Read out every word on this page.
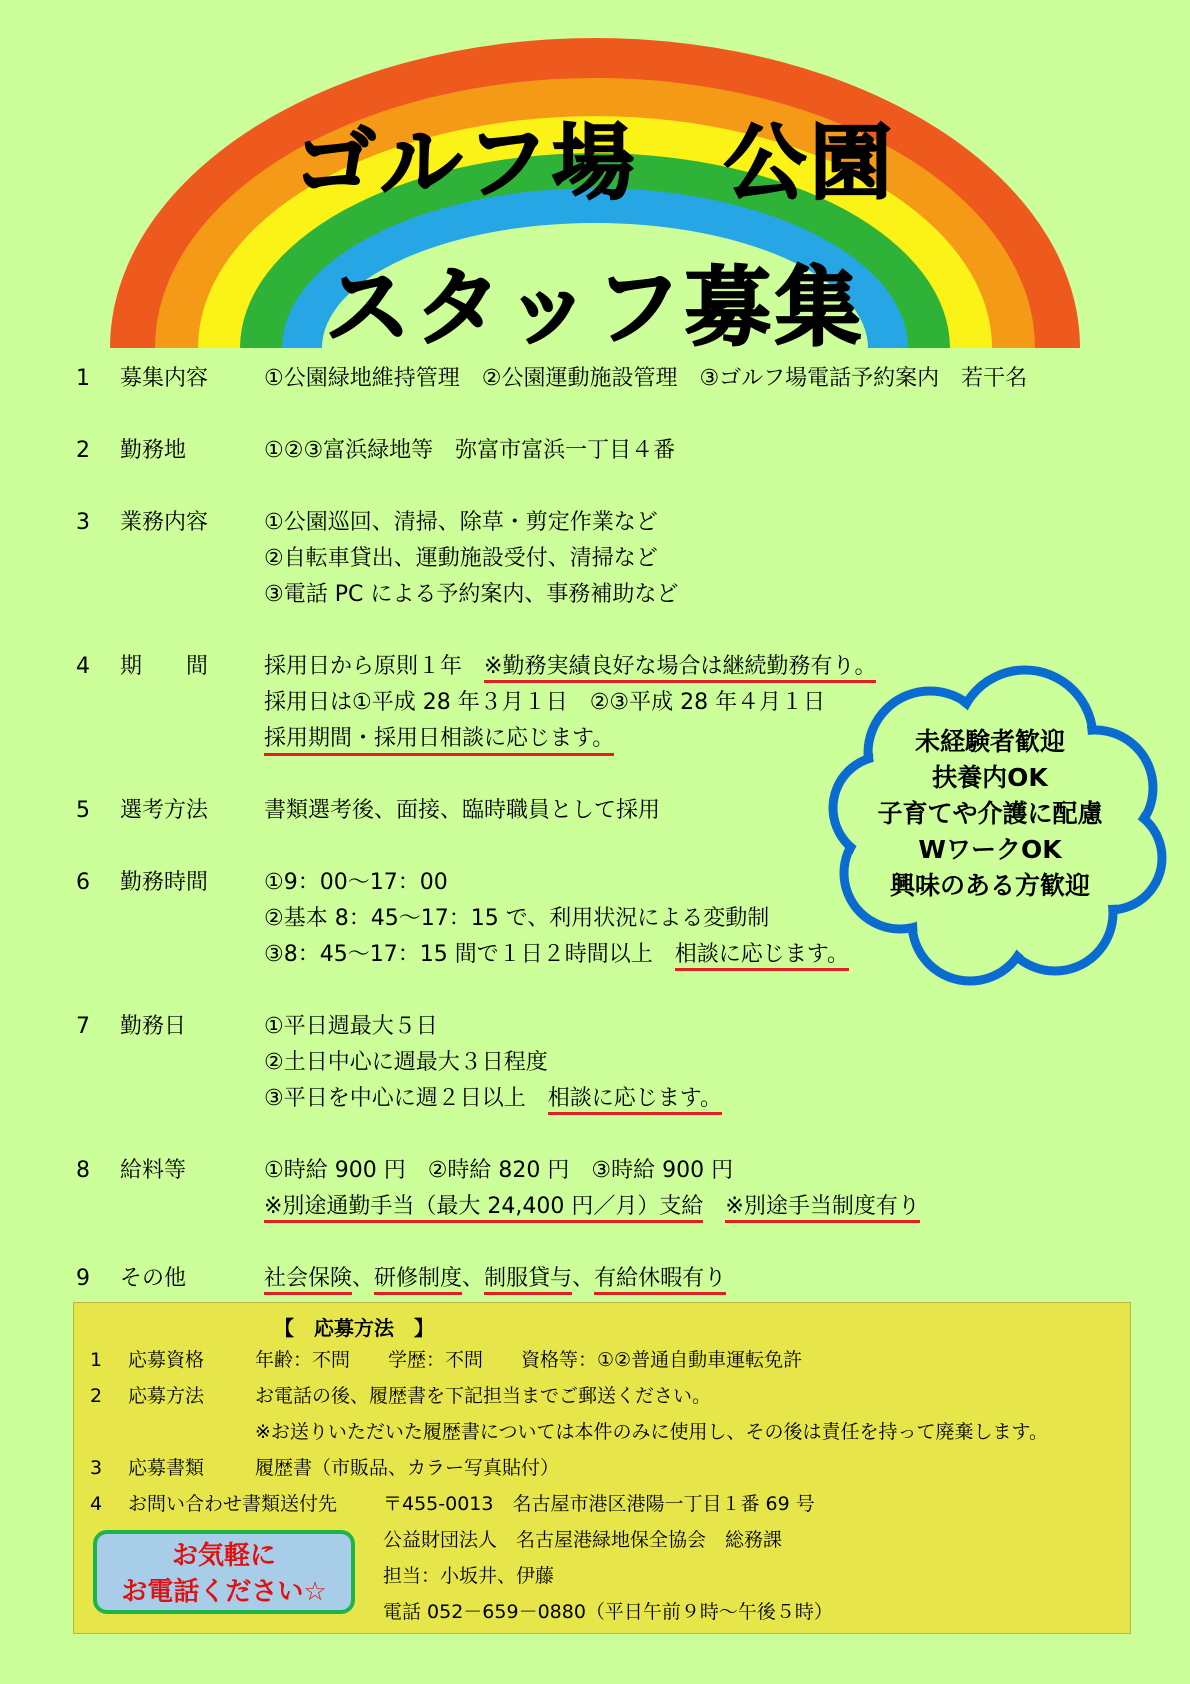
ゴルフ場　公園
スタッフ募集
1 募集内容	①公園緑地維持管理　②公園運動施設管理　③ゴルフ場電話予約案内　若干名
2 勤務地	①②③富浜緑地等　弥富市富浜一丁目４番
3 業務内容	①公園巡回、清掃、除草・剪定作業など
②自転車貸出、運動施設受付、清掃など
③電話 PC による予約案内、事務補助など
4 期　　間	採用日から原則１年　※勤務実績良好な場合は継続勤務有り。
採用日は①平成 28 年３月１日　②③平成 28 年４月１日
採用期間・採用日相談に応じます。
5 選考方法	書類選考後、面接、臨時職員として採用
6 勤務時間	①9：00～17：00
②基本 8：45～17：15 で、利用状況による変動制
③8：45～17：15 間で１日２時間以上　相談に応じます。
7 勤務日	①平日週最大５日
②土日中心に週最大３日程度
③平日を中心に週２日以上　相談に応じます。
8 給料等	①時給 900 円　②時給 820 円　③時給 900 円
※別途通勤手当（最大 24,400 円／月）支給　 ※別途手当制度有り
9 その他	社会保険、研修制度、制服貸与、有給休暇有り
未経験者歓迎
扶養内OK
子育てや介護に配慮
WワークOK
興味のある方歓迎
【　応募方法　】
1 応募資格	年齢：不問　　学歴：不問　　資格等：①②普通自動車運転免許
2 応募方法	お電話の後、履歴書を下記担当までご郵送ください。
※お送りいただいた履歴書については本件のみに使用し、その後は責任を持って廃棄します。
3 応募書類	履歴書（市販品、カラー写真貼付）
4 お問い合わせ書類送付先 〒455-0013　名古屋市港区港陽一丁目１番 69 号
公益財団法人　名古屋港緑地保全協会　総務課
担当：小坂井、伊藤
電話 052－659－0880（平日午前９時～午後５時）
お気軽に
お電話ください☆
